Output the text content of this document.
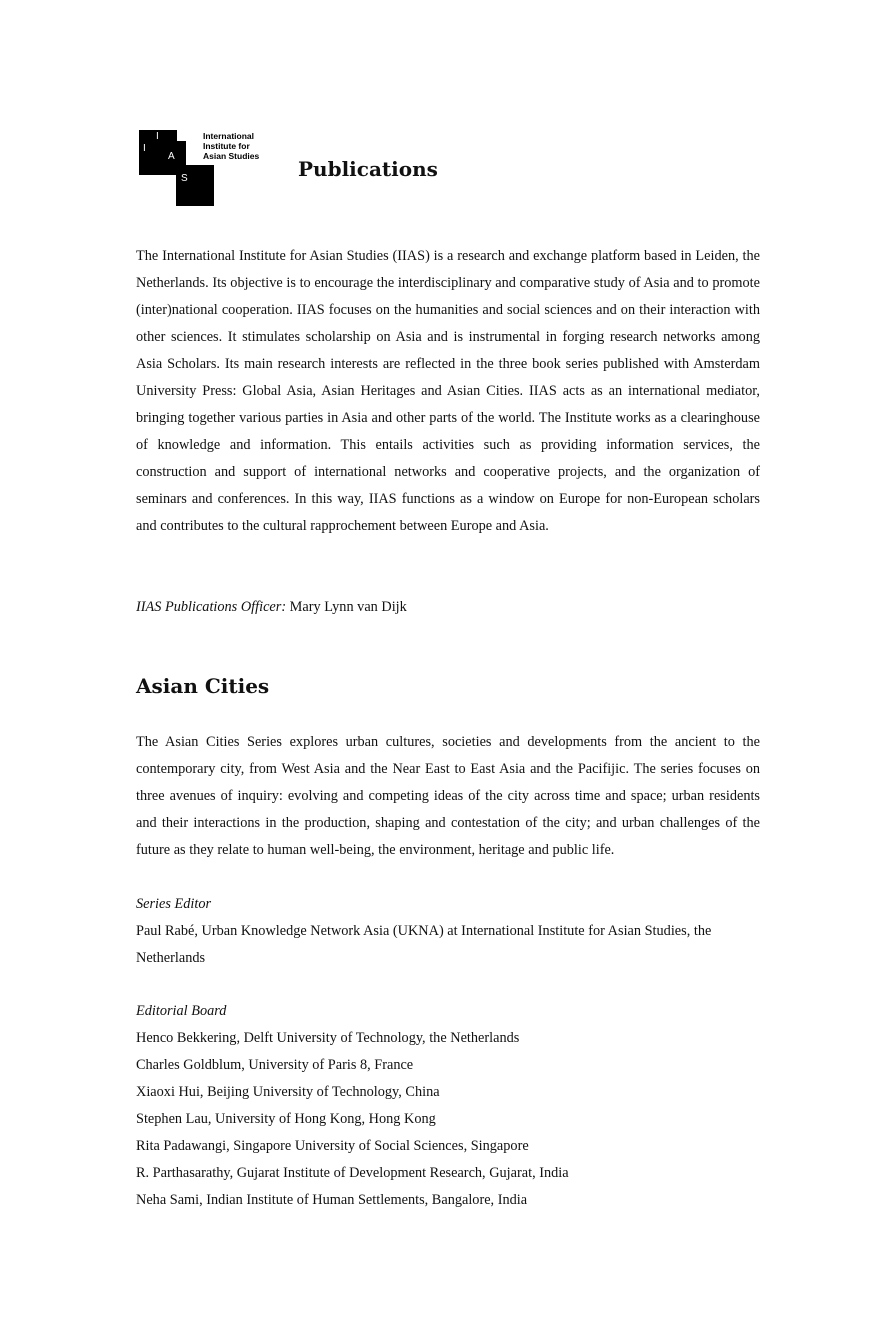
I
I
A
S
International
Institute for
Asian Studies
Publications

The International Institute for Asian Studies (IIAS) is a research and exchange platform based in Leiden, the Netherlands. Its objective is to encourage the interdisciplinary and comparative study of Asia and to promote (inter)national cooperation. IIAS focuses on the humanities and social sciences and on their interaction with other sciences. It stimulates scholarship on Asia and is instrumental in forging research networks among Asia Scholars. Its main research interests are reflected in the three book series published with Amsterdam University Press: Global Asia, Asian Heritages and Asian Cities. IIAS acts as an international mediator, bringing together various parties in Asia and other parts of the world. The Institute works as a clearinghouse of knowledge and information. This entails activities such as providing information services, the construction and support of international networks and cooperative projects, and the organization of seminars and conferences. In this way, IIAS functions as a window on Europe for non-European scholars and contributes to the cultural rapprochement between Europe and Asia.

IIAS Publications Officer: Mary Lynn van Dijk
Asian Cities

The Asian Cities Series explores urban cultures, societies and developments from the ancient to the contemporary city, from West Asia and the Near East to East Asia and the Pacifijic. The series focuses on three avenues of inquiry: evolving and competing ideas of the city across time and space; urban residents and their interactions in the production, shaping and contestation of the city; and urban challenges of the future as they relate to human well-being, the environment, heritage and public life.

Series Editor
Paul Rabé, Urban Knowledge Network Asia (UKNA) at International Institute for Asian Studies, the Netherlands
Editorial Board
Henco Bekkering, Delft University of Technology, the Netherlands
Charles Goldblum, University of Paris 8, France
Xiaoxi Hui, Beijing University of Technology, China
Stephen Lau, University of Hong Kong, Hong Kong
Rita Padawangi, Singapore University of Social Sciences, Singapore
R. Parthasarathy, Gujarat Institute of Development Research, Gujarat, India
Neha Sami, Indian Institute of Human Settlements, Bangalore, India
